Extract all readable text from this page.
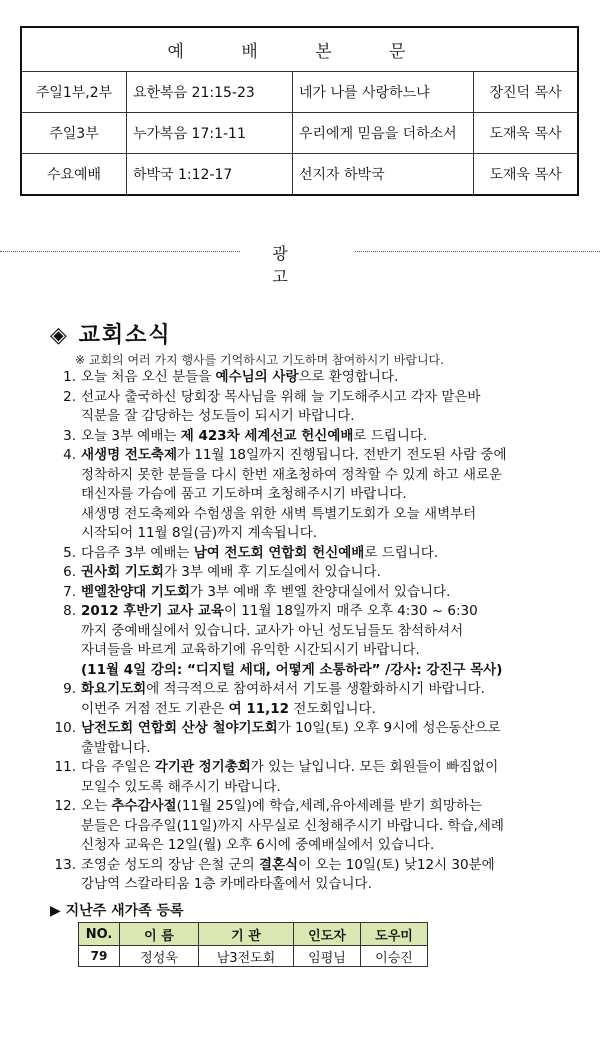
예 배 본 문			
주일1부,2부	요한복음 21:15-23	네가 나를 사랑하느냐	장진덕 목사
주일3부	누가복음 17:1-11	우리에게 믿음을 더하소서	도재욱 목사
수요예배	하박국 1:12-17	선지자 하박국	도재욱 목사
광 고
◈ 교회소식
※ 교회의 여러 가지 행사를 기억하시고 기도하며 참여하시기 바랍니다.
1. 오늘 처음 오신 분들을 예수님의 사랑으로 환영합니다.
2. 선교사 출국하신 당회장 목사님을 위해 늘 기도해주시고 각자 맡은바
직분을 잘 감당하는 성도들이 되시기 바랍니다.
3. 오늘 3부 예배는 제 423차 세계선교 헌신예배로 드립니다.
4. 새생명 전도축제가 11월 18일까지 진행됩니다. 전반기 전도된 사람 중에
정착하지 못한 분들을 다시 한번 재초청하여 정착할 수 있게 하고 새로운
태신자를 가슴에 품고 기도하며 초청해주시기 바랍니다.
새생명 전도축제와 수험생을 위한 새벽 특별기도회가 오늘 새벽부터
시작되어 11월 8일(금)까지 계속됩니다.
5. 다음주 3부 예배는 남여 전도회 연합회 헌신예배로 드립니다.
6. 권사회 기도회가 3부 예배 후 기도실에서 있습니다.
7. 벧엘찬양대 기도회가 3부 예배 후 벧엘 찬양대실에서 있습니다.
8. 2012 후반기 교사 교육이 11월 18일까지 매주 오후 4:30 ~ 6:30
까지 중예배실에서 있습니다. 교사가 아닌 성도님들도 참석하셔서
자녀들을 바르게 교육하기에 유익한 시간되시기 바랍니다.
(11월 4일 강의: “디지털 세대, 어떻게 소통하라” /강사: 강진구 목사)
9. 화요기도회에 적극적으로 참여하셔서 기도를 생활화하시기 바랍니다.
이번주 거점 전도 기관은 여 11,12 전도회입니다.
10. 남전도회 연합회 산상 철야기도회가 10일(토) 오후 9시에 성은동산으로
출발합니다.
11. 다음 주일은 각기관 정기총회가 있는 날입니다. 모든 회원들이 빠짐없이
모일수 있도록 해주시기 바랍니다.
12. 오는 추수감사절(11월 25일)에 학습,세례,유아세례를 받기 희망하는
분들은 다음주일(11일)까지 사무실로 신청해주시기 바랍니다. 학습,세례
신청자 교육은 12일(월) 오후 6시에 중예배실에서 있습니다.
13. 조영순 성도의 장남 은철 군의 결혼식이 오는 10일(토) 낮12시 30분에
강남역 스칼라티움 1층 카메라타홀에서 있습니다.
▶ 지난주 새가족 등록
NO.	이 름	기 관	인도자	도우미
79	정성욱	남3전도회	임평님	이승진
